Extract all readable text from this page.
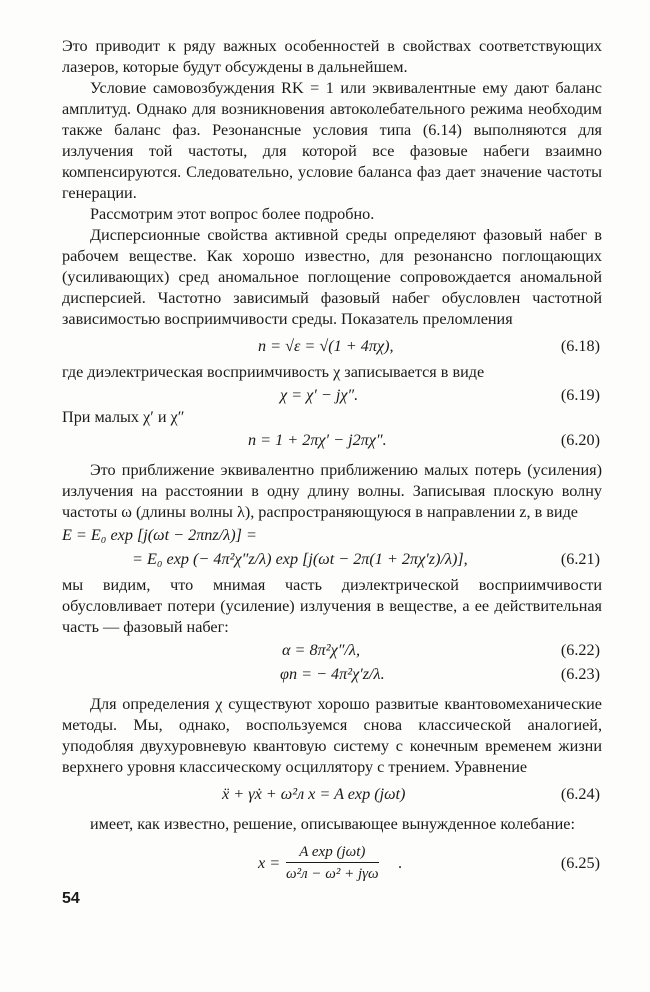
Это приводит к ряду важных особенностей в свойствах соответствующих лазеров, которые будут обсуждены в дальнейшем.

Условие самовозбуждения RK = 1 или эквивалентные ему дают баланс амплитуд. Однако для возникновения автоколебательного режима необходим также баланс фаз. Резонансные условия типа (6.14) выполняются для излучения той частоты, для которой все фазовые набеги взаимно компенсируются. Следовательно, условие баланса фаз дает значение частоты генерации.

Рассмотрим этот вопрос более подробно.

Дисперсионные свойства активной среды определяют фазовый набег в рабочем веществе. Как хорошо известно, для резонансно поглощающих (усиливающих) сред аномальное поглощение сопровождается аномальной дисперсией. Частотно зависимый фазовый набег обусловлен частотной зависимостью восприимчивости среды. Показатель преломления

n = √ε = √(1 + 4πχ),	(6.18)

где диэлектрическая восприимчивость χ записывается в виде

χ = χ′ − jχ″.	(6.19)

При малых χ′ и χ″

n = 1 + 2πχ′ − j2πχ″.	(6.20)

Это приближение эквивалентно приближению малых потерь (усиления) излучения на расстоянии в одну длину волны. Записывая плоскую волну частоты ω (длины волны λ), распространяющуюся в направлении z, в виде

E = E₀ exp [j(ωt − 2πnz/λ)] =
= E₀ exp (− 4π²χ″z/λ) exp [j(ωt − 2π(1 + 2πχ′z)/λ)],	(6.21)

мы видим, что мнимая часть диэлектрической восприимчивости обусловливает потери (усиление) излучения в веществе, а ее действительная часть — фазовый набег:

α = 8π²χ″/λ,	(6.22)
φп = − 4π²χ′z/λ.	(6.23)

Для определения χ существуют хорошо развитые квантовомеханические методы. Мы, однако, воспользуемся снова классической аналогией, уподобляя двухуровневую квантовую систему с конечным временем жизни верхнего уровня классическому осциллятору с трением. Уравнение

ẍ + γẋ + ω²л x = A exp (jωt)	(6.24)

имеет, как известно, решение, описывающее вынужденное колебание:

x =
A exp (jωt)
ω²л − ω² + jγω
.	(6.25)
54
